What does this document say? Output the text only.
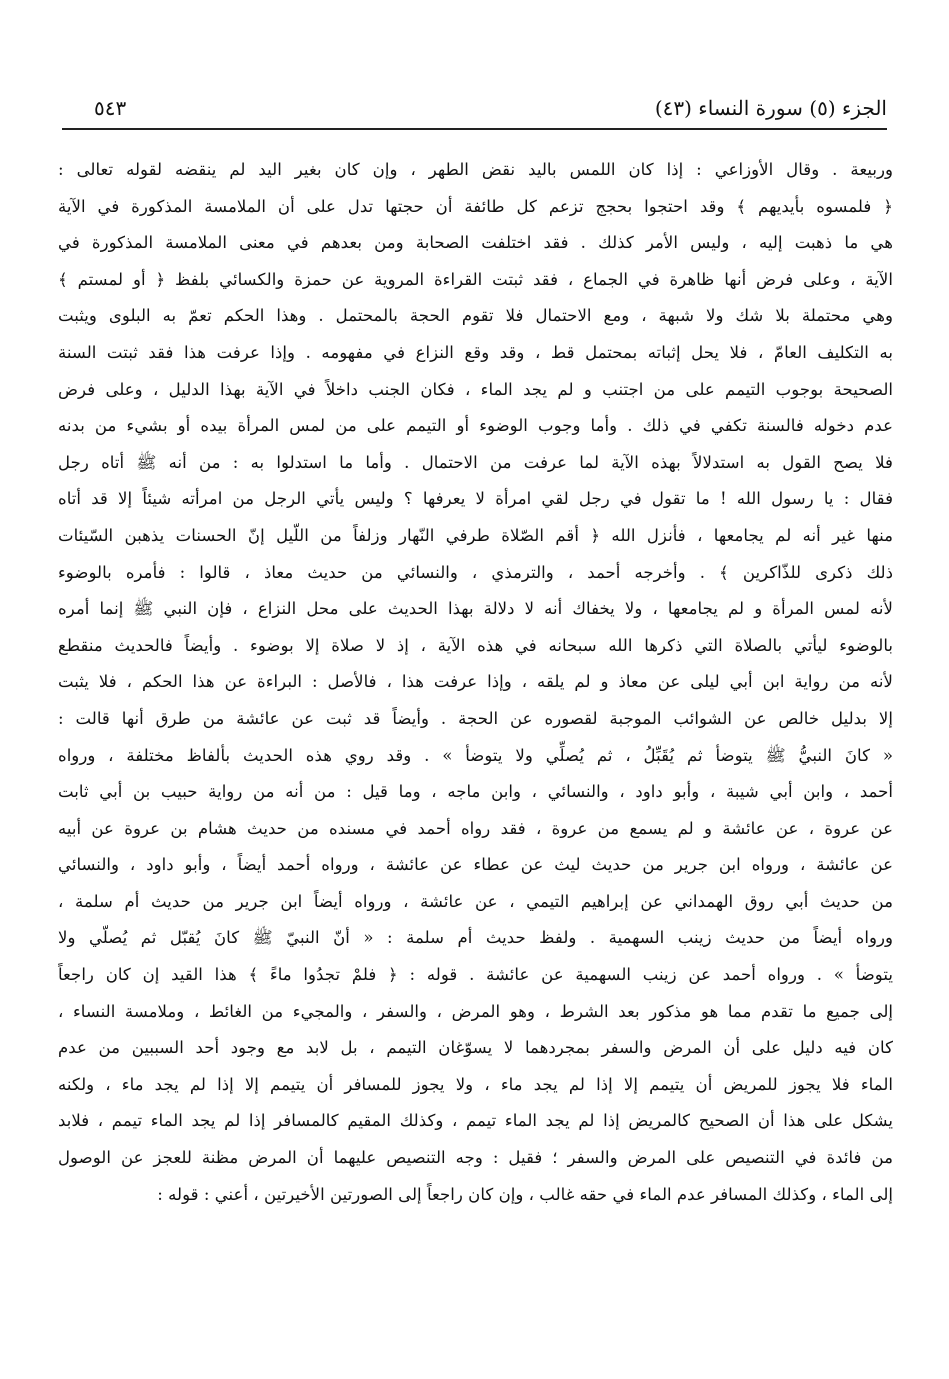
الجزء (٥) سورة النساء (٤٣)
٥٤٣
وربيعة . وقال الأوزاعي : إذا كان اللمس باليد نقض الطهر ، وإن كان بغير اليد لم ينقضه لقوله تعالى :
﴿ فلمسوه بأيديهم ﴾ وقد احتجوا بحجج تزعم كل طائفة أن حجتها تدل على أن الملامسة المذكورة في الآية
هي ما ذهبت إليه ، وليس الأمر كذلك . فقد اختلفت الصحابة ومن بعدهم في معنى الملامسة المذكورة في
الآية ، وعلى فرض أنها ظاهرة في الجماع ، فقد ثبتت القراءة المروية عن حمزة والكسائي بلفظ ﴿ أو لمستم ﴾
وهي محتملة بلا شك ولا شبهة ، ومع الاحتمال فلا تقوم الحجة بالمحتمل . وهذا الحكم تعمّ به البلوى ويثبت
به التكليف العامّ ، فلا يحل إثباته بمحتمل قط ، وقد وقع النزاع في مفهومه . وإذا عرفت هذا فقد ثبتت السنة
الصحيحة بوجوب التيمم على من اجتنب و لم يجد الماء ، فكان الجنب داخلاً في الآية بهذا الدليل ، وعلى فرض
عدم دخوله فالسنة تكفي في ذلك . وأما وجوب الوضوء أو التيمم على من لمس المرأة بيده أو بشيء من بدنه
فلا يصح القول به استدلالاً بهذه الآية لما عرفت من الاحتمال . وأما ما استدلوا به : من أنه ﷺ أتاه رجل
فقال : يا رسول الله ! ما تقول في رجل لقي امرأة لا يعرفها ؟ وليس يأتي الرجل من امرأته شيئاً إلا قد أتاه
منها غير أنه لم يجامعها ، فأنزل الله ﴿ أقم الصّلاة طرفي النّهار وزلفاً من اللّيل إنّ الحسنات يذهبن السّيئات
ذلك ذكرى للذّاكرين ﴾ . وأخرجه أحمد ، والترمذي ، والنسائي من حديث معاذ ، قالوا : فأمره بالوضوء
لأنه لمس المرأة و لم يجامعها ، ولا يخفاك أنه لا دلالة بهذا الحديث على محل النزاع ، فإن النبي ﷺ إنما أمره
بالوضوء ليأتي بالصلاة التي ذكرها الله سبحانه في هذه الآية ، إذ لا صلاة إلا بوضوء . وأيضاً فالحديث منقطع
لأنه من رواية ابن أبي ليلى عن معاذ و لم يلقه ، وإذا عرفت هذا ، فالأصل : البراءة عن هذا الحكم ، فلا يثبت
إلا بدليل خالص عن الشوائب الموجبة لقصوره عن الحجة . وأيضاً قد ثبت عن عائشة من طرق أنها قالت :
« كانَ النبيُّ ﷺ يتوضأ ثم يُقَبِّلُ ، ثم يُصلِّي ولا يتوضأ » . وقد روي هذه الحديث بألفاظ مختلفة ، ورواه
أحمد ، وابن أبي شيبة ، وأبو داود ، والنسائي ، وابن ماجه ، وما قيل : من أنه من رواية حبيب بن أبي ثابت
عن عروة ، عن عائشة و لم يسمع من عروة ، فقد رواه أحمد في مسنده من حديث هشام بن عروة عن أبيه
عن عائشة ، ورواه ابن جرير من حديث ليث عن عطاء عن عائشة ، ورواه أحمد أيضاً ، وأبو داود ، والنسائي
من حديث أبي روق الهمداني عن إبراهيم التيمي ، عن عائشة ، ورواه أيضاً ابن جرير من حديث أم سلمة ،
ورواه أيضاً من حديث زينب السهمية . ولفظ حديث أم سلمة : « أنّ النبيّ ﷺ كانَ يُقبّل ثم يُصلّي ولا
يتوضأ » . ورواه أحمد عن زينب السهمية عن عائشة . قوله : ﴿ فلمْ تجدُوا ماءً ﴾ هذا القيد إن كان راجعاً
إلى جميع ما تقدم مما هو مذكور بعد الشرط ، وهو المرض ، والسفر ، والمجيء من الغائط ، وملامسة النساء ،
كان فيه دليل على أن المرض والسفر بمجردهما لا يسوّغان التيمم ، بل لابد مع وجود أحد السببين من عدم
الماء فلا يجوز للمريض أن يتيمم إلا إذا لم يجد ماء ، ولا يجوز للمسافر أن يتيمم إلا إذا لم يجد ماء ، ولكنه
يشكل على هذا أن الصحيح كالمريض إذا لم يجد الماء تيمم ، وكذلك المقيم كالمسافر إذا لم يجد الماء تيمم ، فلابد
من فائدة في التنصيص على المرض والسفر ؛ فقيل : وجه التنصيص عليهما أن المرض مظنة للعجز عن الوصول
إلى الماء ، وكذلك المسافر عدم الماء في حقه غالب ، وإن كان راجعاً إلى الصورتين الأخيرتين ، أعني : قوله :
